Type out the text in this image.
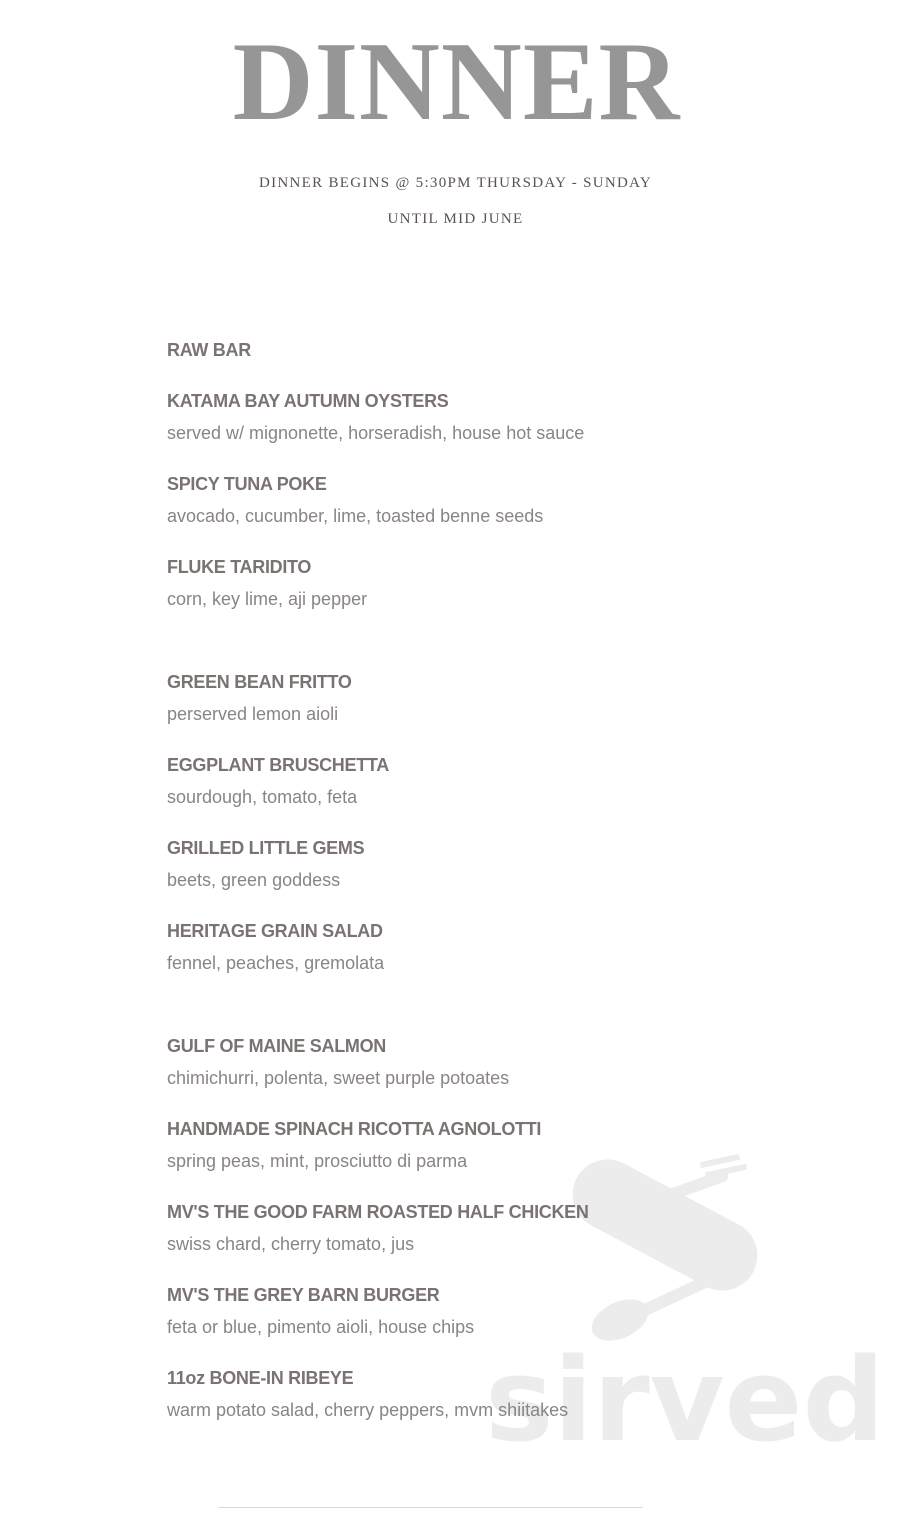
DINNER
DINNER BEGINS @ 5:30PM THURSDAY - SUNDAY
UNTIL MID JUNE
sirved
RAW BAR
KATAMA BAY AUTUMN OYSTERS
served w/ mignonette, horseradish, house hot sauce
SPICY TUNA POKE
avocado, cucumber, lime, toasted benne seeds
FLUKE TARIDITO
corn, key lime, aji pepper
GREEN BEAN FRITTO
perserved lemon aioli
EGGPLANT BRUSCHETTA
sourdough, tomato, feta
GRILLED LITTLE GEMS
beets, green goddess
HERITAGE GRAIN SALAD
fennel, peaches, gremolata
GULF OF MAINE SALMON
chimichurri, polenta, sweet purple potoates
HANDMADE SPINACH RICOTTA AGNOLOTTI
spring peas, mint, prosciutto di parma
MV'S THE GOOD FARM ROASTED HALF CHICKEN
swiss chard, cherry tomato, jus
MV'S THE GREY BARN BURGER
feta or blue, pimento aioli, house chips
11oz BONE-IN RIBEYE
warm potato salad, cherry peppers, mvm shiitakes
